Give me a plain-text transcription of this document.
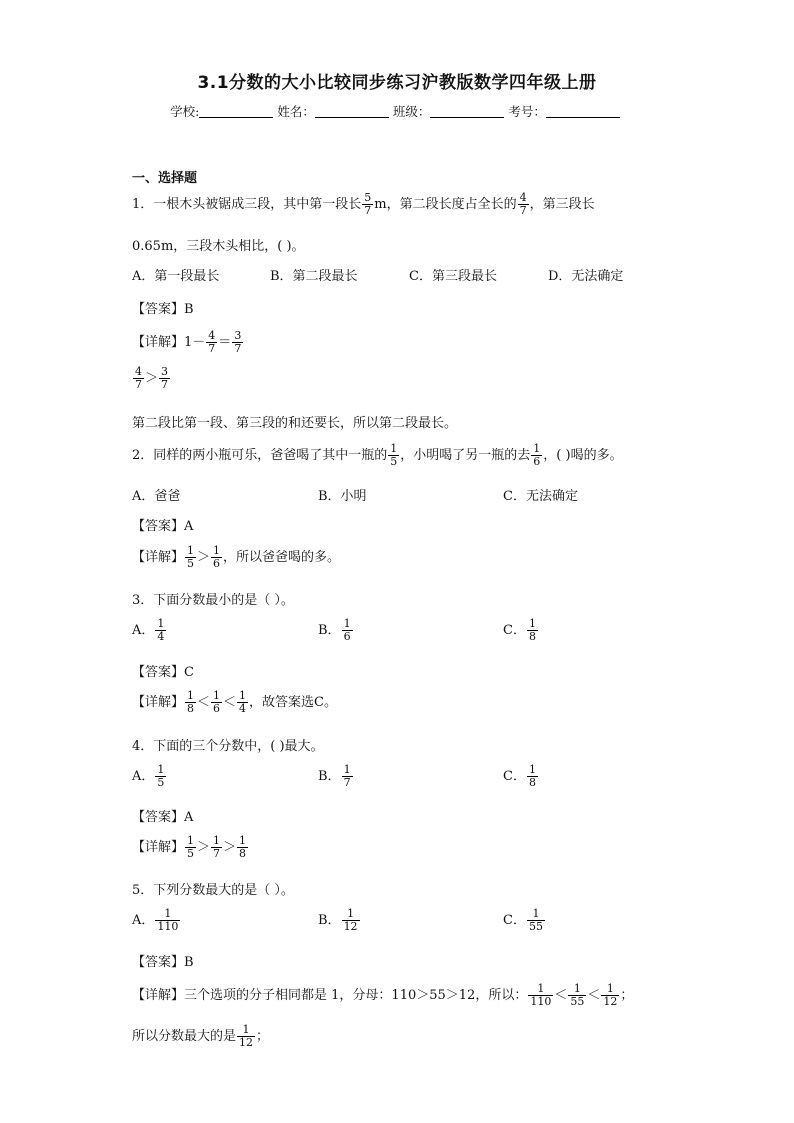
3.1分数的大小比较同步练习沪教版数学四年级上册
学校:	姓名：	班级：	考号：
一、选择题
1．一根木头被锯成三段，其中第一段长 $\frac{5}{7}$ m，第二段长度占全长的 $\frac{4}{7}$ ，第三段长
0.65m，三段木头相比，( )。
A．第一段最长	B．第二段最长	C．第三段最长	D．无法确定
【答案】B
【详解】$1- \frac{4}{7} = \frac{3}{7}$
$\frac{4}{7} > \frac{3}{7}$
第二段比第一段、第三段的和还要长，所以第二段最长。
2．同样的两小瓶可乐，爸爸喝了其中一瓶的 $\frac{1}{5}$ ，小明喝了另一瓶的去 $\frac{1}{6}$ ，( )喝的多。
A．爸爸	B．小明	C．无法确定
【答案】A
【详解】 $\frac{1}{5} > \frac{1}{6}$ ，所以爸爸喝的多。
3．下面分数最小的是（ ）。
A． $\frac{1}{4}$	B． $\frac{1}{6}$	C． $\frac{1}{8}$
【答案】C
【详解】 $\frac{1}{8} < \frac{1}{6} < \frac{1}{4}$ ，故答案选C。
4．下面的三个分数中，( )最大。
A． $\frac{1}{5}$	B． $\frac{1}{7}$	C． $\frac{1}{8}$
【答案】A
【详解】 $\frac{1}{5} > \frac{1}{7} > \frac{1}{8}$
5．下列分数最大的是（ ）。
A． $\frac{1}{110}$	B． $\frac{1}{12}$	C． $\frac{1}{55}$
【答案】B
【详解】三个选项的分子相同都是 1，分母：110＞55＞12，所以： $\frac{1}{110} < \frac{1}{55} < \frac{1}{12}$ ；
所以分数最大的是 $\frac{1}{12}$ ；
